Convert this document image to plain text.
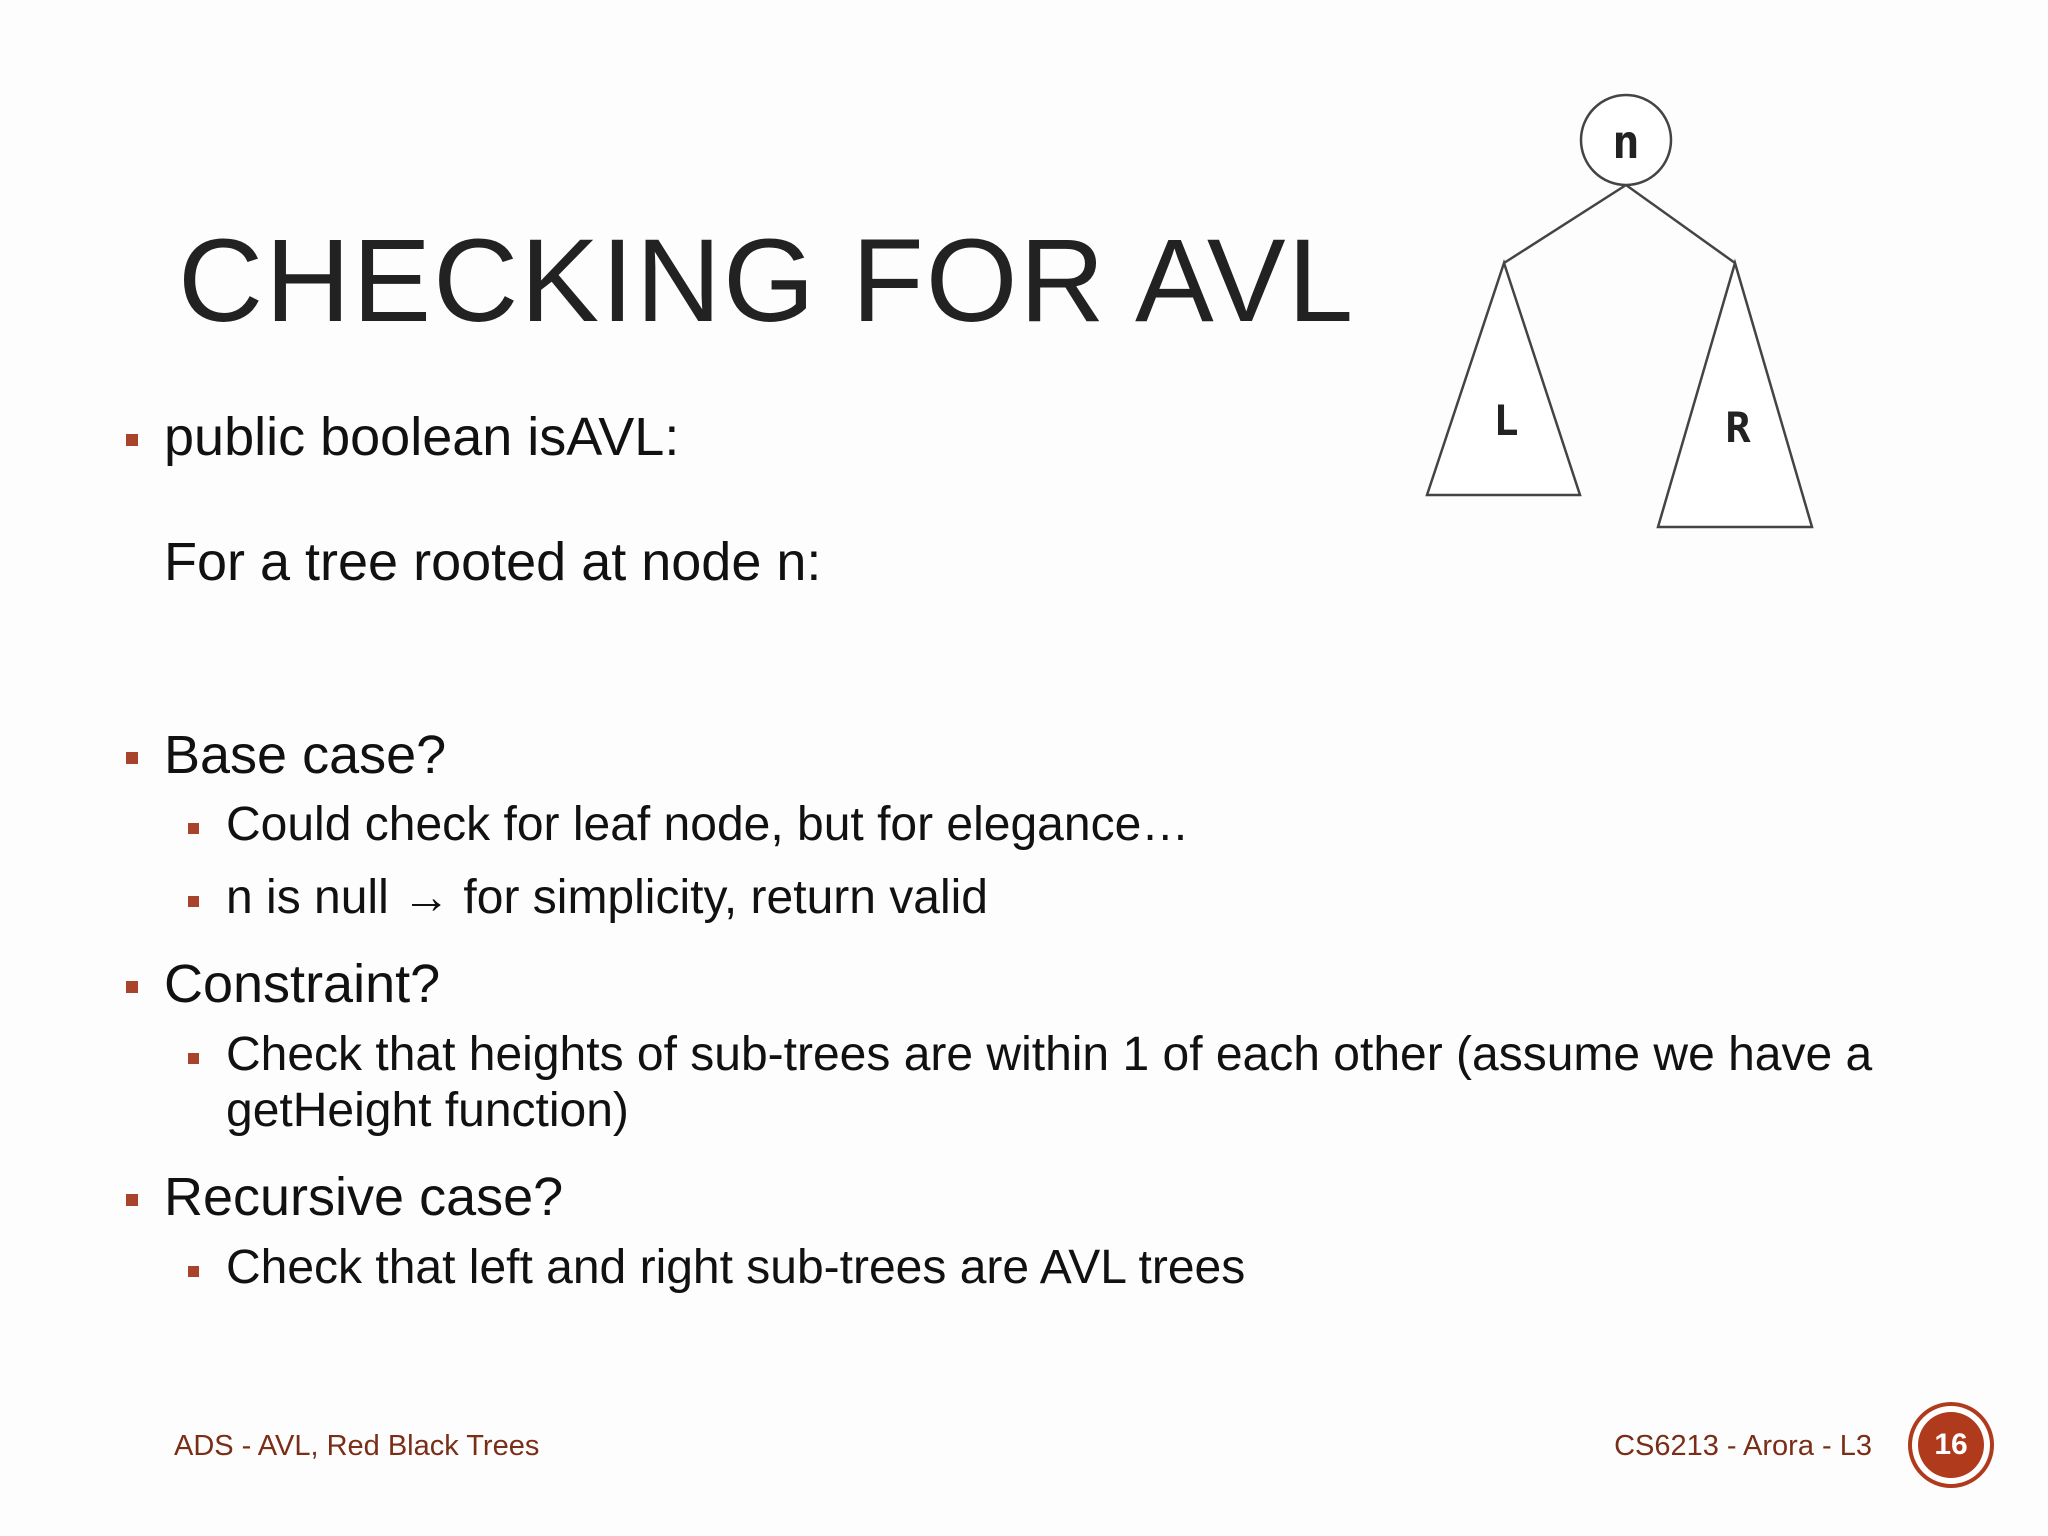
CHECKING FOR AVL
n
L	R
public boolean isAVL:
For a tree rooted at node n:
Base case?
Could check for leaf node, but for elegance…
n is null → for simplicity, return valid
Constraint?
Check that heights of sub-trees are within 1 of each other (assume we have a getHeight function)
Recursive case?
Check that left and right sub-trees are AVL trees
ADS - AVL, Red Black Trees	CS6213 - Arora - L3	16
